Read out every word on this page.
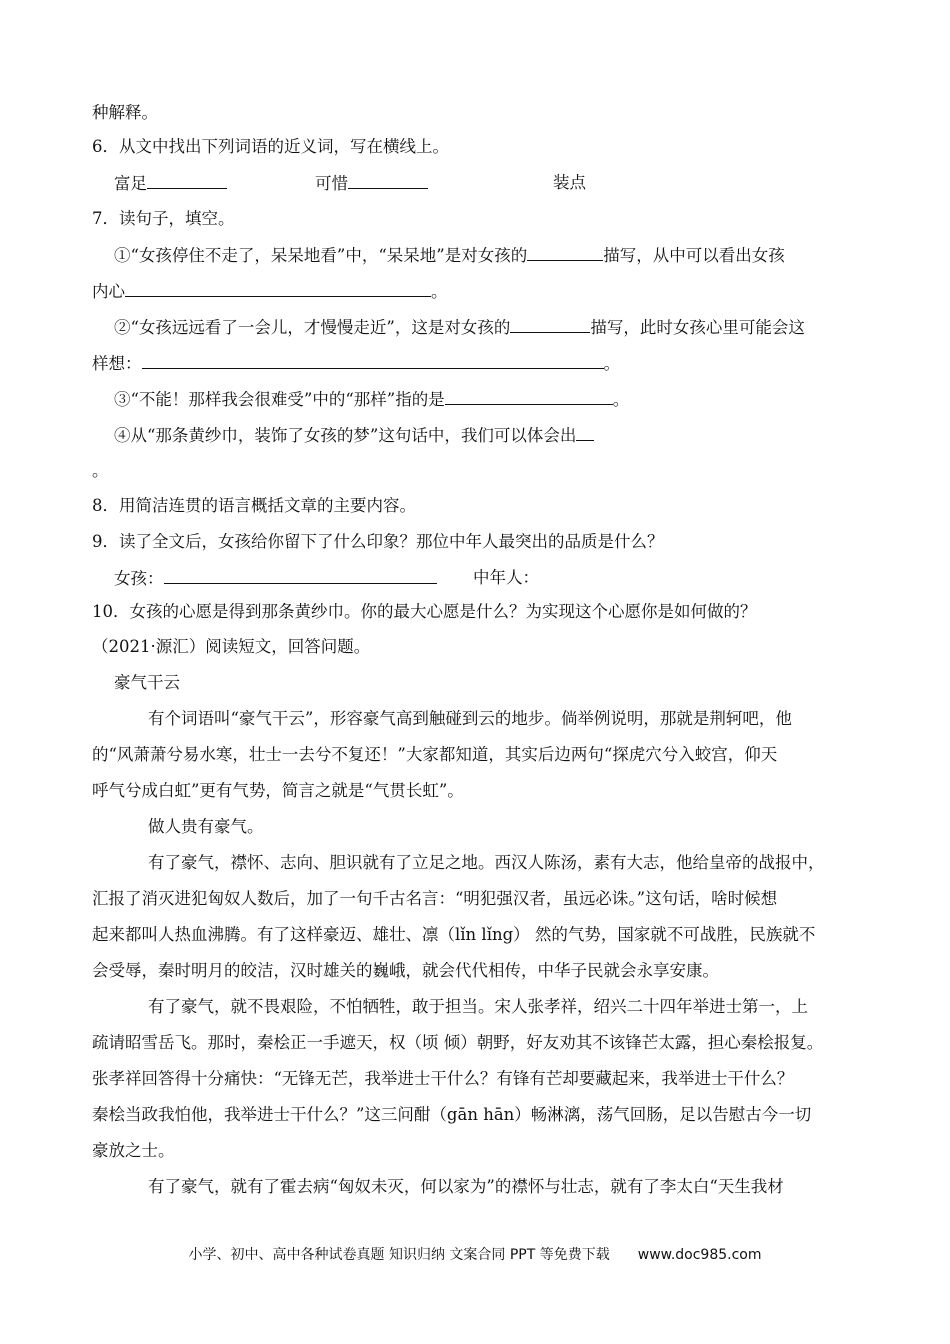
种解释。
6．从文中找出下列词语的近义词，写在横线上。
富足	可惜	装点
7．读句子，填空。
①“女孩停住不走了，呆呆地看”中，“呆呆地”是对女孩的	描写，从中可以看出女孩
内心	。
②“女孩远远看了一会儿，才慢慢走近”，这是对女孩的	描写，此时女孩心里可能会这
样想：	。
③“不能！那样我会很难受”中的“那样”指的是	。
④从“那条黄纱巾，装饰了女孩的梦”这句话中，我们可以体会出
。
8．用简洁连贯的语言概括文章的主要内容。
9．读了全文后，女孩给你留下了什么印象？那位中年人最突出的品质是什么？
女孩：	中年人：
10．女孩的心愿是得到那条黄纱巾。你的最大心愿是什么？为实现这个心愿你是如何做的？
（2021·源汇）阅读短文，回答问题。
豪气干云
有个词语叫“豪气干云”，形容豪气高到触碰到云的地步。倘举例说明，那就是荆轲吧，他
的“风萧萧兮易水寒，壮士一去兮不复还！”大家都知道，其实后边两句“探虎穴兮入蛟宫，仰天
呼气兮成白虹”更有气势，简言之就是“气贯长虹”。
做人贵有豪气。
有了豪气，襟怀、志向、胆识就有了立足之地。西汉人陈汤，素有大志，他给皇帝的战报中，
汇报了消灭进犯匈奴人数后，加了一句千古名言：“明犯强汉者，虽远必诛。”这句话，啥时候想
起来都叫人热血沸腾。有了这样豪迈、雄壮、凛（lǐn lǐng） 然的气势，国家就不可战胜，民族就不
会受辱，秦时明月的皎洁，汉时雄关的巍峨，就会代代相传，中华子民就会永享安康。
有了豪气，就不畏艰险，不怕牺牲，敢于担当。宋人张孝祥，绍兴二十四年举进士第一，上
疏请昭雪岳飞。那时，秦桧正一手遮天，权（顷 倾）朝野，好友劝其不该锋芒太露，担心秦桧报复。
张孝祥回答得十分痛快：“无锋无芒，我举进士干什么？有锋有芒却要藏起来，我举进士干什么？
秦桧当政我怕他，我举进士干什么？”这三问酣（gān hān）畅淋漓，荡气回肠，足以告慰古今一切
豪放之士。
有了豪气，就有了霍去病“匈奴未灭，何以家为”的襟怀与壮志，就有了李太白“天生我材
小学、初中、高中各种试卷真题 知识归纳 文案合同 PPT 等免费下载 www.doc985.com
